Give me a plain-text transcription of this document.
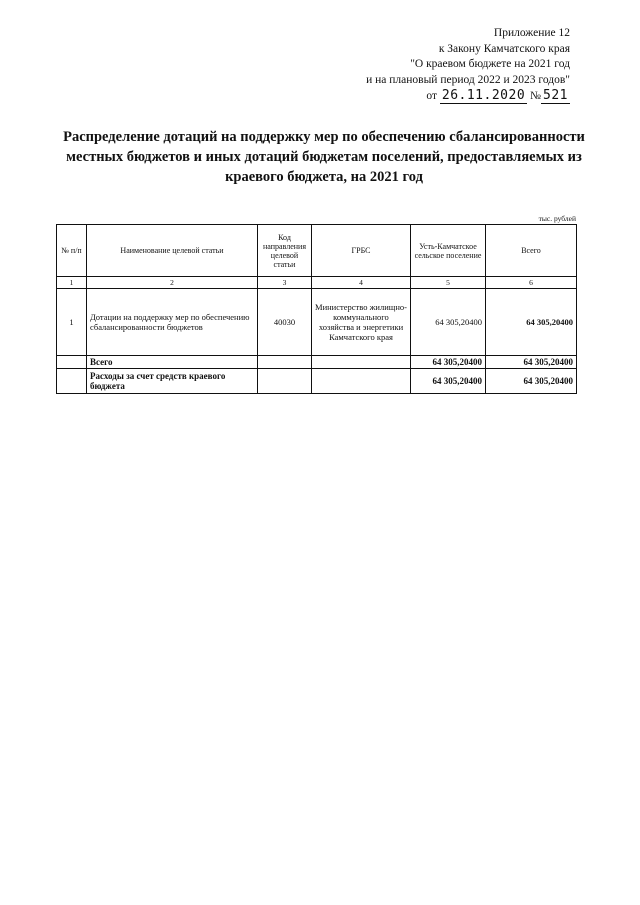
Приложение 12
к Закону Камчатского края
"О краевом бюджете на 2021 год
и на плановый период 2022 и 2023 годов"
от 26.11.2020 № 521
Распределение дотаций на поддержку мер по обеспечению сбалансированности местных бюджетов и иных дотаций бюджетам поселений, предоставляемых из краевого бюджета, на 2021 год
№ п/п	Наименование целевой статьи	Код направления целевой статьи	ГРБС	Усть-Камчатское сельское поселение	Всего
1	2	3	4	5	6
1	Дотации на поддержку мер по обеспечению сбалансированности бюджетов	40030	Министерство жилищно-коммунального хозяйства и энергетики Камчатского края	64 305,20400	64 305,20400
	Всего			64 305,20400	64 305,20400
	Расходы за счет средств краевого бюджета			64 305,20400	64 305,20400
тыс. рублей
